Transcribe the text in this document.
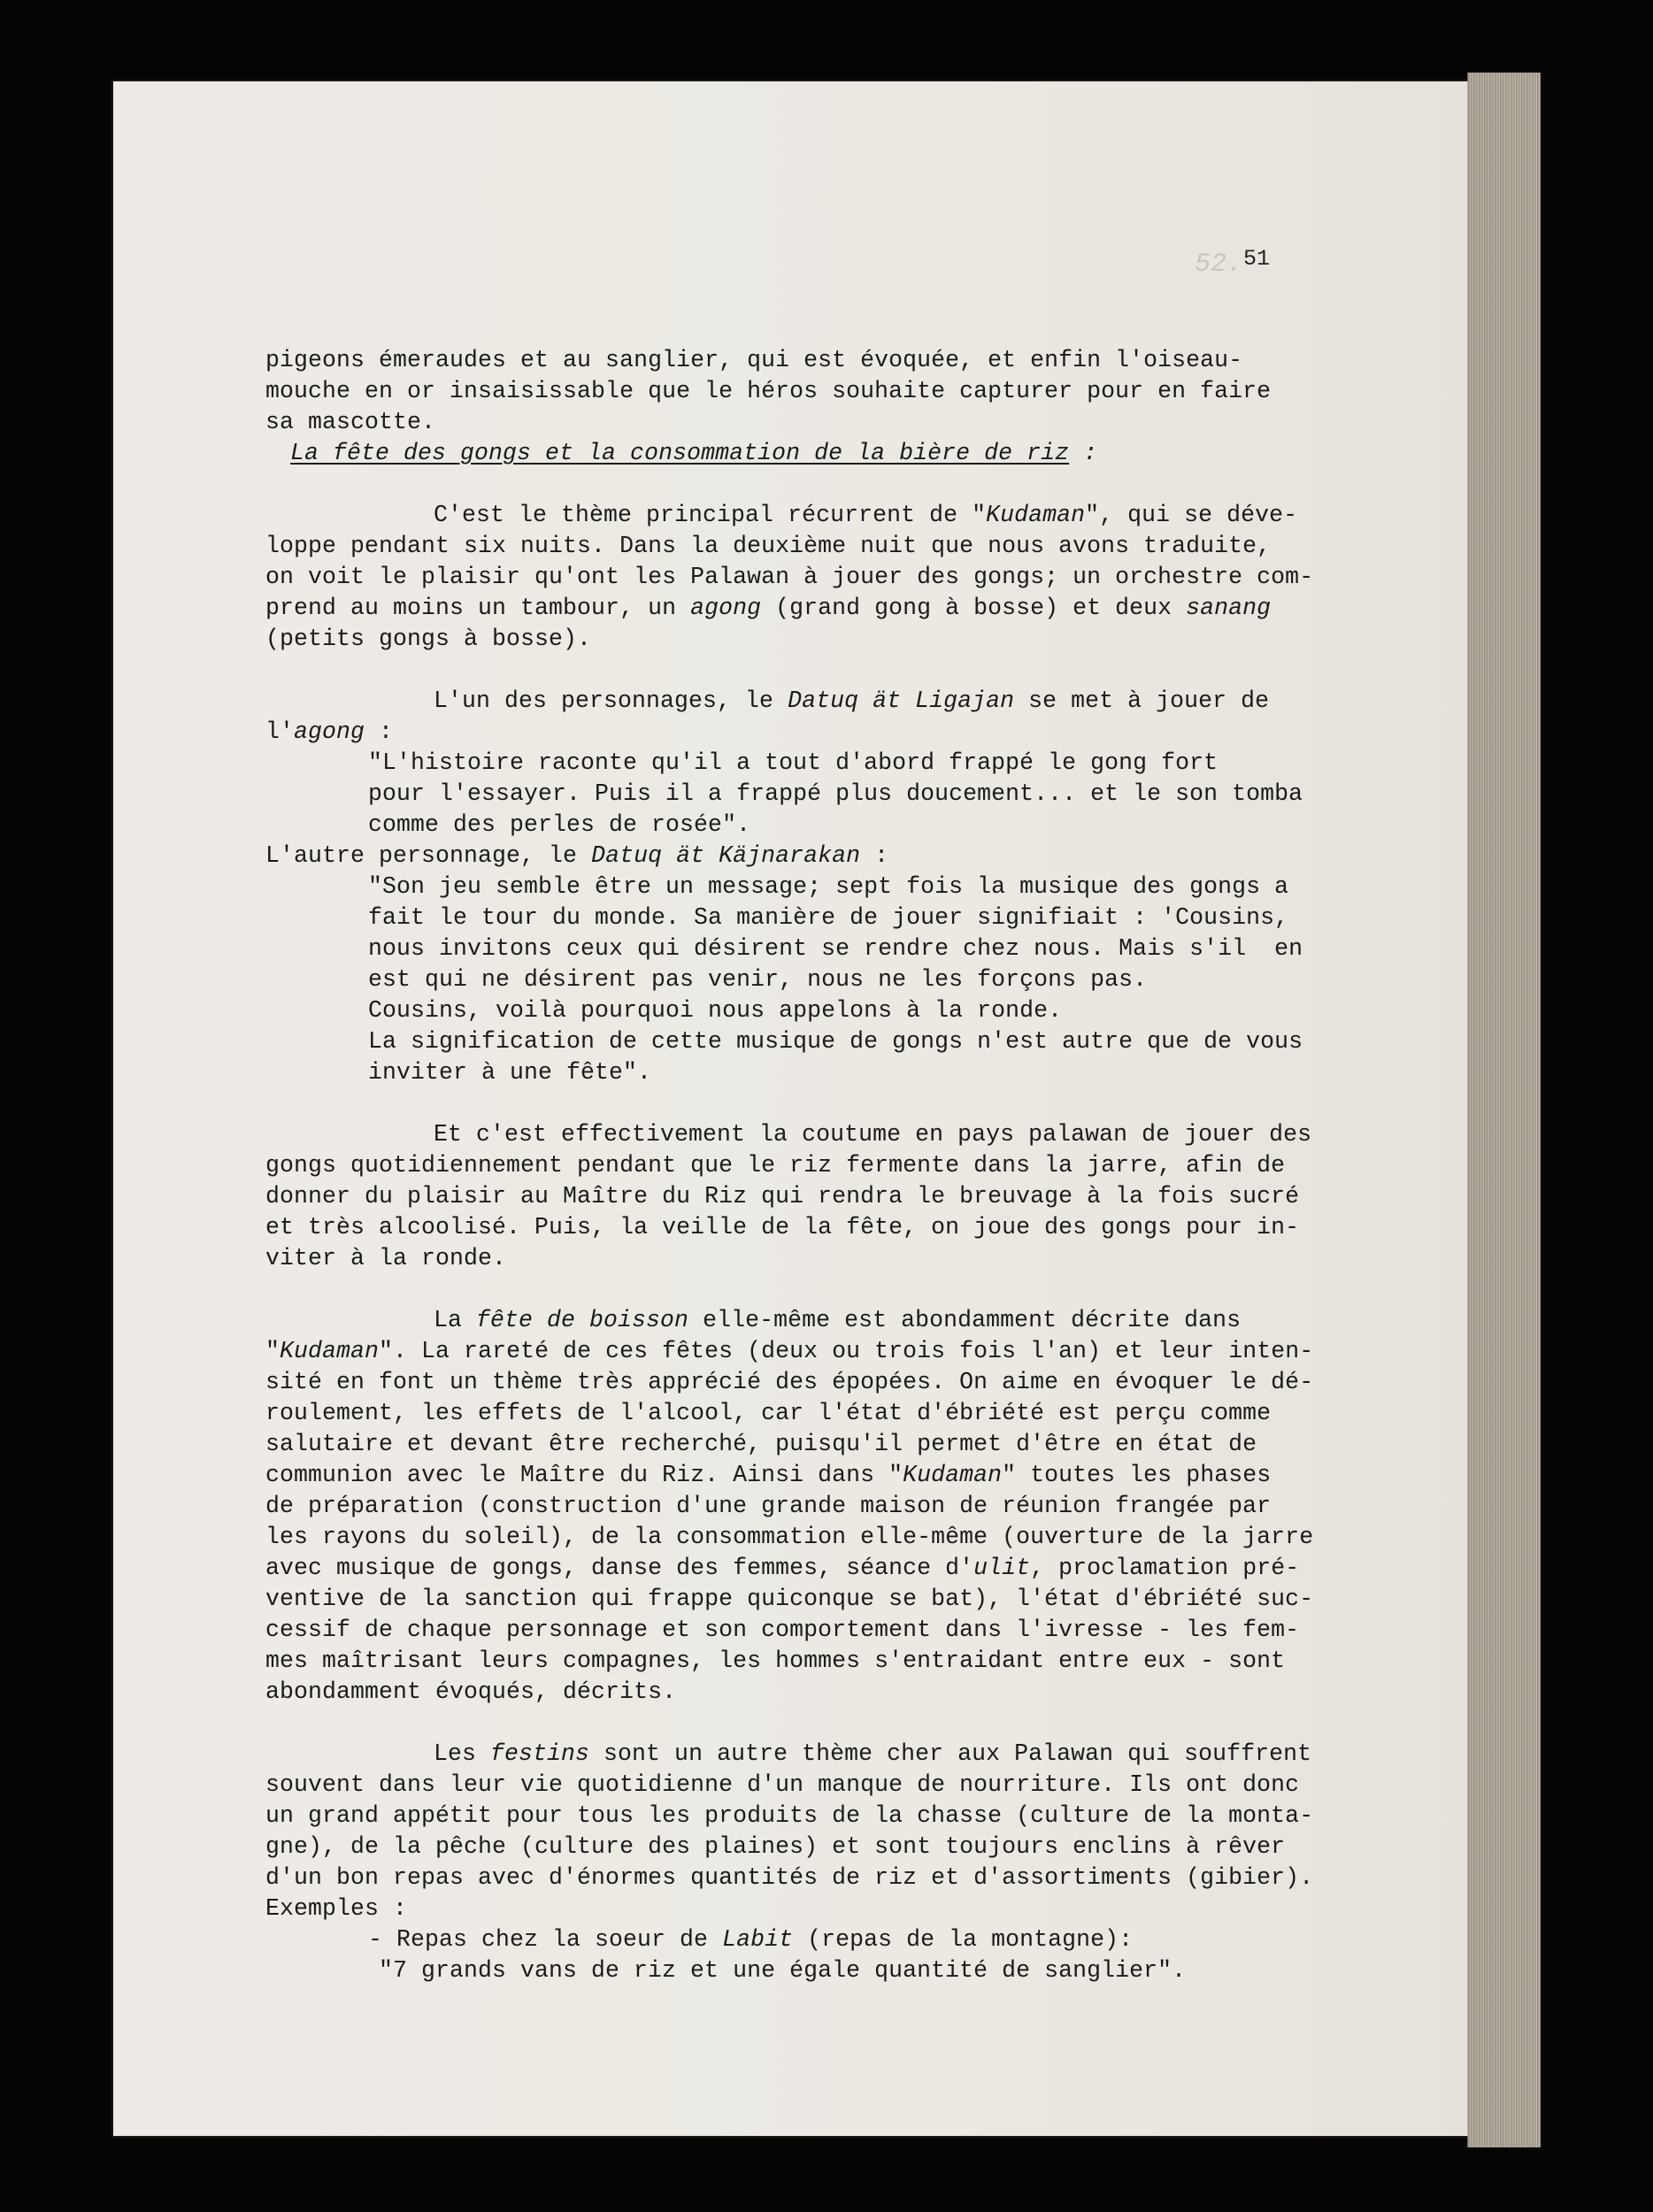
52. 51
pigeons émeraudes et au sanglier, qui est évoquée, et enfin l'oiseau-
mouche en or insaisissable que le héros souhaite capturer pour en faire
sa mascotte.
La fête des gongs et la consommation de la bière de riz :
C'est le thème principal récurrent de "Kudaman", qui se déve-
loppe pendant six nuits. Dans la deuxième nuit que nous avons traduite,
on voit le plaisir qu'ont les Palawan à jouer des gongs; un orchestre com-
prend au moins un tambour, un agong (grand gong à bosse) et deux sanang
(petits gongs à bosse).
L'un des personnages, le Datuq ät Ligajan se met à jouer de
l'agong :
"L'histoire raconte qu'il a tout d'abord frappé le gong fort
pour l'essayer. Puis il a frappé plus doucement... et le son tomba
comme des perles de rosée".
L'autre personnage, le Datuq ät Käjnarakan :
"Son jeu semble être un message; sept fois la musique des gongs a
fait le tour du monde. Sa manière de jouer signifiait : 'Cousins,
nous invitons ceux qui désirent se rendre chez nous. Mais s'il  en
est qui ne désirent pas venir, nous ne les forçons pas.
Cousins, voilà pourquoi nous appelons à la ronde.
La signification de cette musique de gongs n'est autre que de vous
inviter à une fête".
Et c'est effectivement la coutume en pays palawan de jouer des
gongs quotidiennement pendant que le riz fermente dans la jarre, afin de
donner du plaisir au Maître du Riz qui rendra le breuvage à la fois sucré
et très alcoolisé. Puis, la veille de la fête, on joue des gongs pour in-
viter à la ronde.
La fête de boisson elle-même est abondamment décrite dans
"Kudaman". La rareté de ces fêtes (deux ou trois fois l'an) et leur inten-
sité en font un thème très apprécié des épopées. On aime en évoquer le dé-
roulement, les effets de l'alcool, car l'état d'ébriété est perçu comme
salutaire et devant être recherché, puisqu'il permet d'être en état de
communion avec le Maître du Riz. Ainsi dans "Kudaman" toutes les phases
de préparation (construction d'une grande maison de réunion frangée par
les rayons du soleil), de la consommation elle-même (ouverture de la jarre
avec musique de gongs, danse des femmes, séance d'ulit, proclamation pré-
ventive de la sanction qui frappe quiconque se bat), l'état d'ébriété suc-
cessif de chaque personnage et son comportement dans l'ivresse - les fem-
mes maîtrisant leurs compagnes, les hommes s'entraidant entre eux - sont
abondamment évoqués, décrits.
Les festins sont un autre thème cher aux Palawan qui souffrent
souvent dans leur vie quotidienne d'un manque de nourriture. Ils ont donc
un grand appétit pour tous les produits de la chasse (culture de la monta-
gne), de la pêche (culture des plaines) et sont toujours enclins à rêver
d'un bon repas avec d'énormes quantités de riz et d'assortiments (gibier).
Exemples :
- Repas chez la soeur de Labit (repas de la montagne):
"7 grands vans de riz et une égale quantité de sanglier".
